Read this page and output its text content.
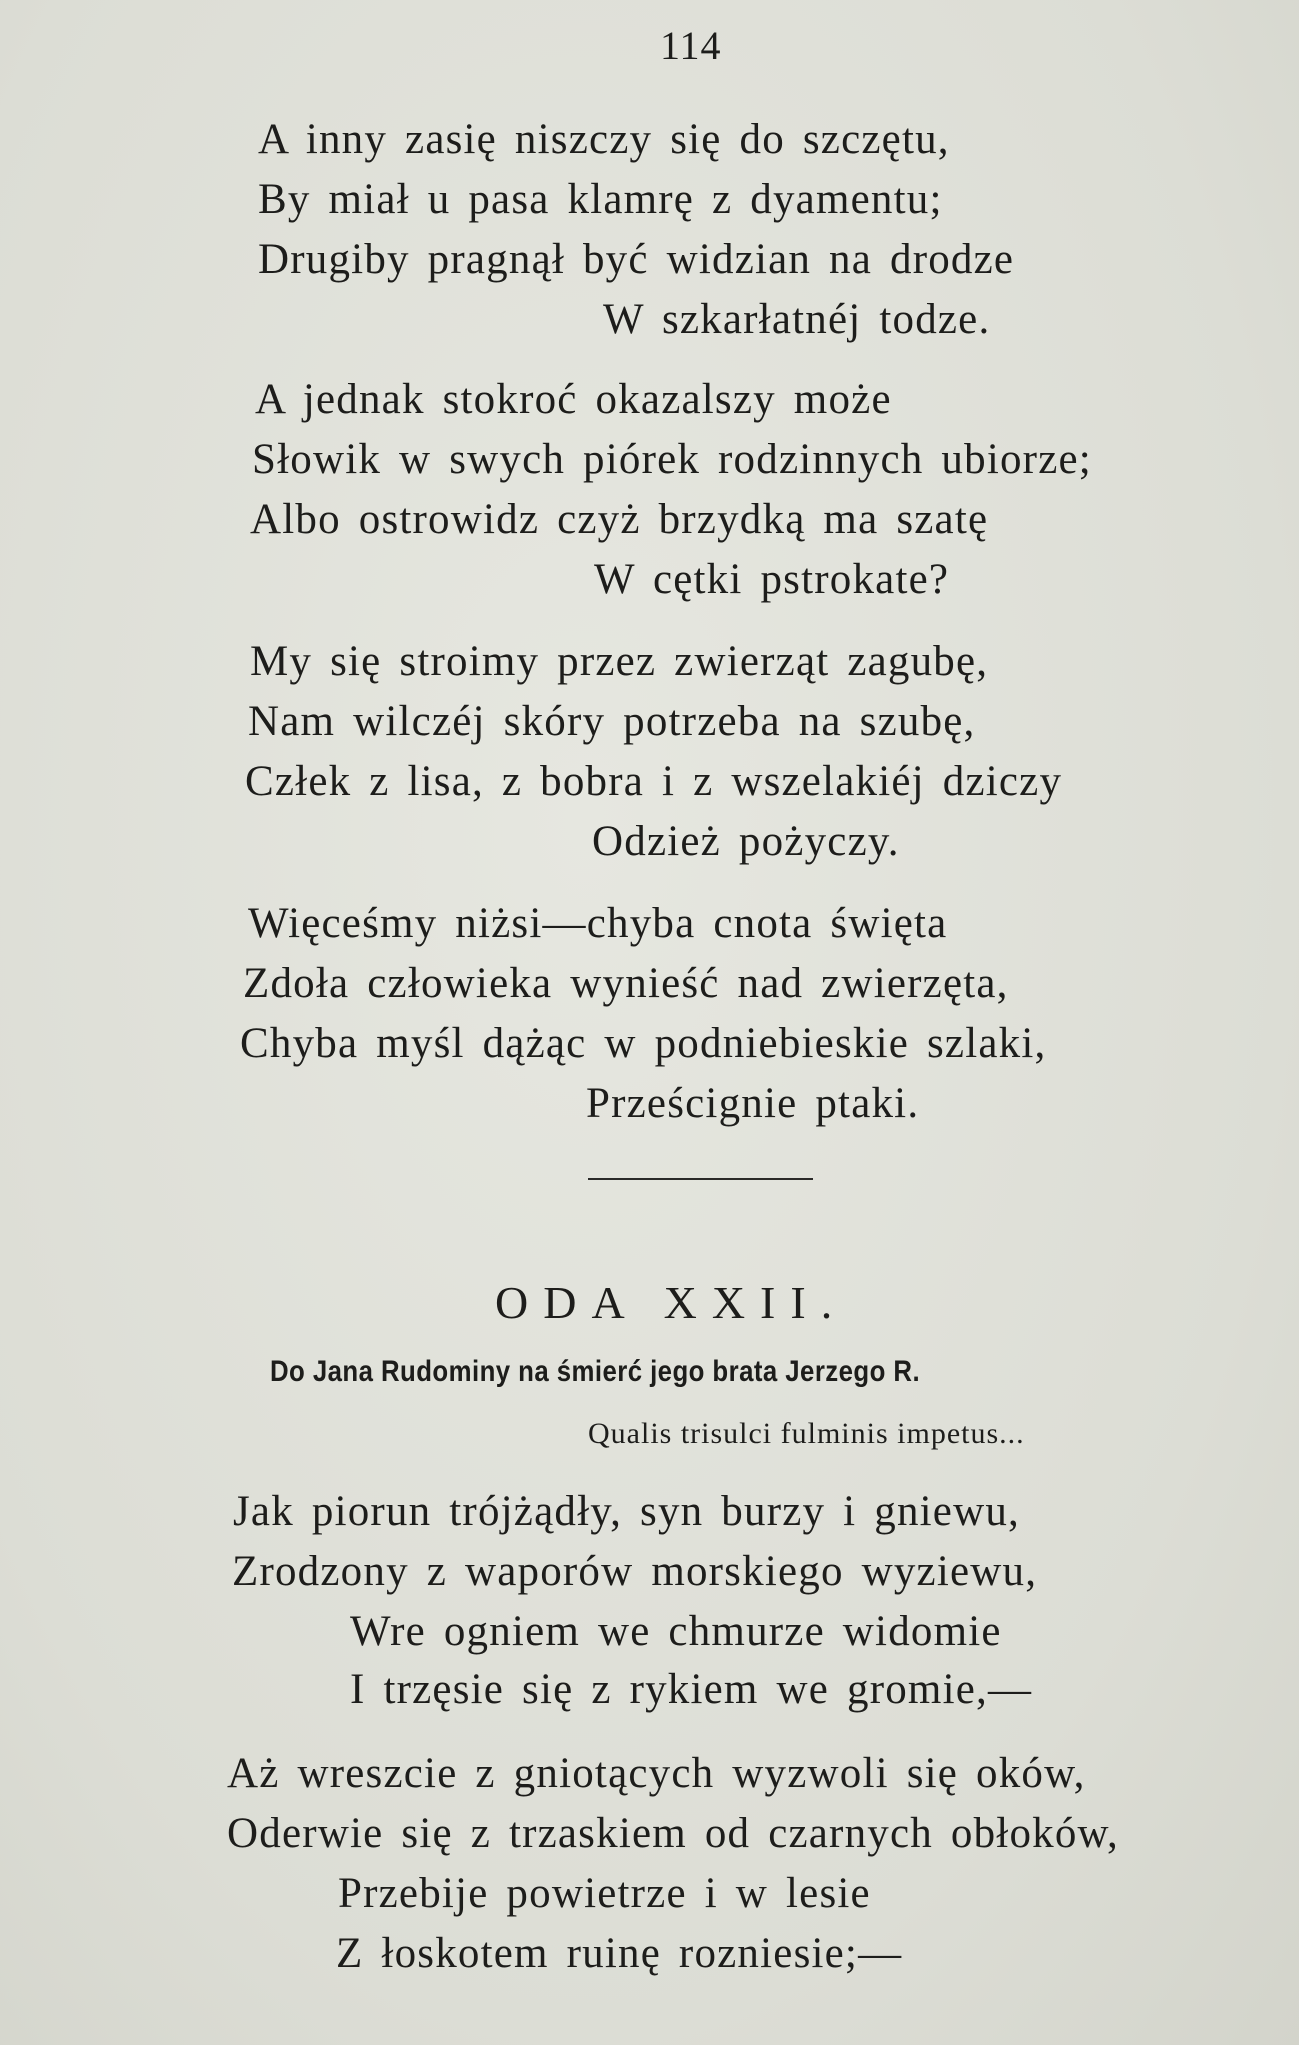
114
A inny zasię niszczy się do szczętu,
By miał u pasa klamrę z dyamentu;
Drugiby pragnął być widzian na drodze
W szkarłatnéj todze.
A jednak stokroć okazalszy może
Słowik w swych piórek rodzinnych ubiorze;
Albo ostrowidz czyż brzydką ma szatę
W cętki pstrokate?
My się stroimy przez zwierząt zagubę,
Nam wilczéj skóry potrzeba na szubę,
Człek z lisa, z bobra i z wszelakiéj dziczy
Odzież pożyczy.
Więceśmy niżsi—chyba cnota święta
Zdoła człowieka wynieść nad zwierzęta,
Chyba myśl dążąc w podniebieskie szlaki,
Prześcignie ptaki.
ODA XXII.
Do Jana Rudominy na śmierć jego brata Jerzego R.
Qualis trisulci fulminis impetus...
Jak piorun trójżądły, syn burzy i gniewu,
Zrodzony z waporów morskiego wyziewu,
Wre ogniem we chmurze widomie
I trzęsie się z rykiem we gromie,—
Aż wreszcie z gniotących wyzwoli się oków,
Oderwie się z trzaskiem od czarnych obłoków,
Przebije powietrze i w lesie
Z łoskotem ruinę rozniesie;—
